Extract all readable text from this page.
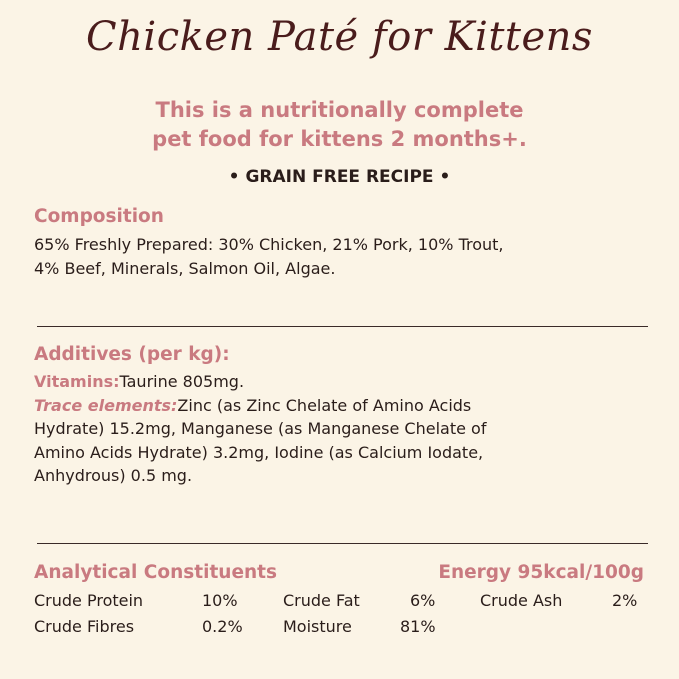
Chicken Paté for Kittens
This is a nutritionally complete
pet food for kittens 2 months+.
• GRAIN FREE RECIPE •
Composition
65% Freshly Prepared: 30% Chicken, 21% Pork, 10% Trout,
4% Beef, Minerals, Salmon Oil, Algae.
Additives (per kg):
Vitamins:Taurine 805mg.
Trace elements:Zinc (as Zinc Chelate of Amino Acids
Hydrate) 15.2mg, Manganese (as Manganese Chelate of
Amino Acids Hydrate) 3.2mg, Iodine (as Calcium Iodate,
Anhydrous) 0.5 mg.
Analytical Constituents	Energy 95kcal/100g
Crude Protein	10%	Crude Fat	6%	Crude Ash	2%
Crude Fibres	0.2%	Moisture	81%
